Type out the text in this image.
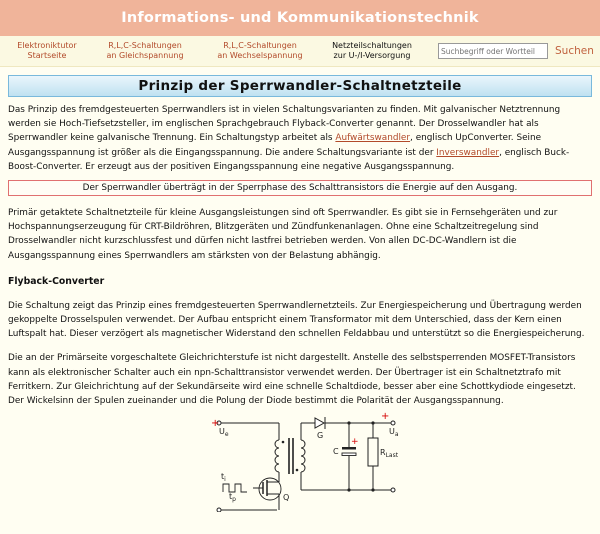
Informations- und Kommunikationstechnik
Elektroniktutor
Startseite
R,L,C-Schaltungen
an Gleichspannung
R,L,C-Schaltungen
an Wechselspannung
Netzteilschaltungen
zur U-/I-Versorgung
Suchbegriff oder Wortteil	Suchen
Prinzip der Sperrwandler-Schaltnetzteile

Das Prinzip des fremdgesteuerten Sperrwandlers ist in vielen Schaltungsvarianten zu finden. Mit galvanischer Netztrennung werden sie Hoch-Tiefsetzsteller, im englischen Sprachgebrauch Flyback-Converter genannt. Der Drosselwandler hat als Sperrwandler keine galvanische Trennung. Ein Schaltungstyp arbeitet als Aufwärtswandler, englisch UpConverter. Seine Ausgangsspannung ist größer als die Eingangsspannung. Die andere Schaltungsvariante ist der Inverswandler, englisch Buck-Boost-Converter. Er erzeugt aus der positiven Eingangsspannung eine negative Ausgangsspannung.

Der Sperrwandler überträgt in der Sperrphase des Schalttransistors die Energie auf den Ausgang.

Primär getaktete Schaltnetzteile für kleine Ausgangsleistungen sind oft Sperrwandler. Es gibt sie in Fernsehgeräten und zur Hochspannungserzeugung für CRT-Bildröhren, Blitzgeräten und Zündfunkenanlagen. Ohne eine Schaltzeitregelung sind Drosselwandler nicht kurzschlussfest und dürfen nicht lastfrei betrieben werden. Von allen DC-DC-Wandlern ist die Ausgangsspannung eines Sperrwandlers am stärksten von der Belastung abhängig.

Flyback-Converter

Die Schaltung zeigt das Prinzip eines fremdgesteuerten Sperrwandlernetzteils. Zur Energiespeicherung und Übertragung werden gekoppelte Drosselspulen verwendet. Der Aufbau entspricht einem Transformator mit dem Unterschied, dass der Kern einen Luftspalt hat. Dieser verzögert als magnetischer Widerstand den schnellen Feldabbau und unterstützt so die Energiespeicherung.

Die an der Primärseite vorgeschaltete Gleichrichterstufe ist nicht dargestellt. Anstelle des selbstsperrenden MOSFET-Transistors kann als elektronischer Schalter auch ein npn-Schalttransistor verwendet werden. Der Übertrager ist ein Schaltnetztrafo mit Ferritkern. Zur Gleichrichtung auf der Sekundärseite wird eine schnelle Schaltdiode, besser aber eine Schottkydiode eingesetzt. Der Wickelsinn der Spulen zueinander und die Polung der Diode bestimmt die Polarität der Ausgangsspannung.

+
$U_e$
+
$U_a$
G
C
+
$R_{Last}$
$t_i$
$t_p$	Q
